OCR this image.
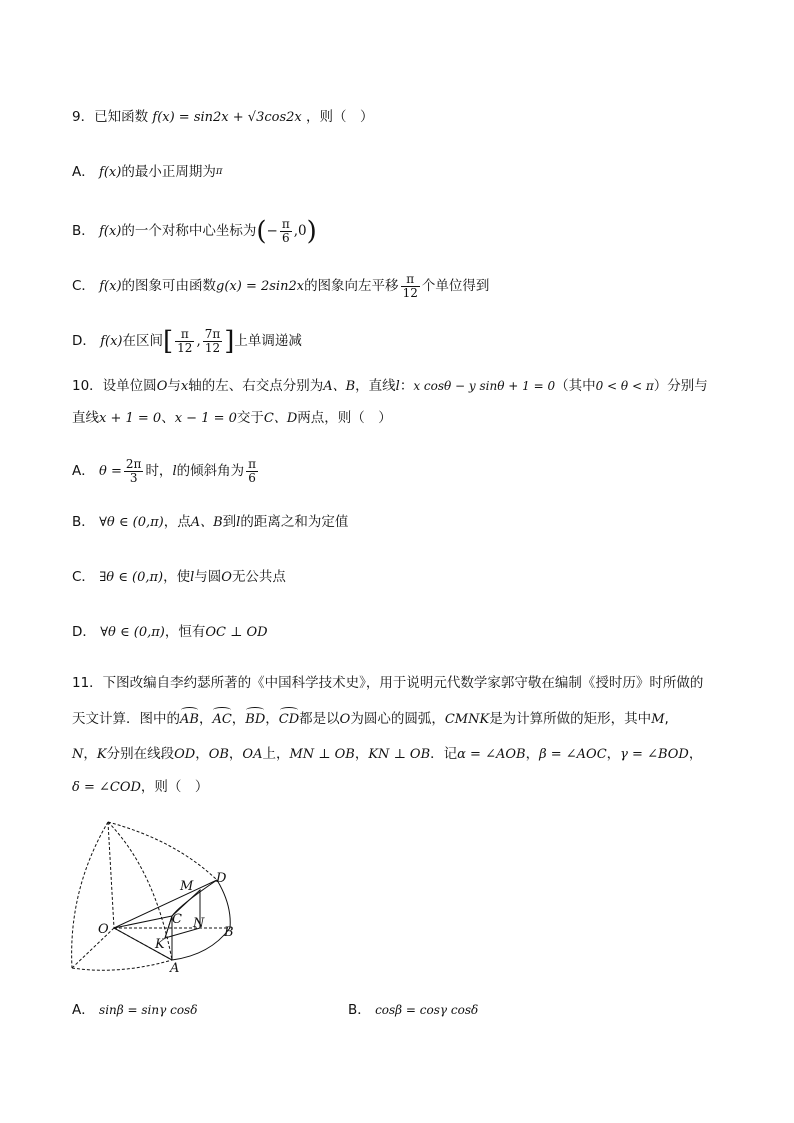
9．已知函数 f(x) = sin2x + √3cos2x ，则（　）
A． f(x)的最小正周期为$^\pi$
B． f(x)的一个对称中心坐标为(− $\frac{\pi}{6} ,0$)
C． f(x)的图象可由函数g(x) = 2sin2x的图象向左平移 $\frac{\pi}{12}$ 个单位得到
D． f(x)在区间[ $\frac{\pi}{12}$ , $\frac{7\pi}{12}$ ]上单调递减
10．设单位圆O与x轴的左、右交点分别为A、B，直线l：x cosθ − y sinθ + 1 = 0（其中0 < θ < π）分别与
直线x + 1 = 0、x − 1 = 0交于C、D两点，则（　）
A． $\theta = \frac{2\pi}{3}$ 时，l的倾斜角为 $\frac{\pi}{6}$
B． ∀θ ∈ (0,π)，点A、B到l的距离之和为定值
C． ∃θ ∈ (0,π)，使l与圆O无公共点
D． ∀θ ∈ (0,π)，恒有OC ⊥ OD
11．下图改编自李约瑟所著的《中国科学技术史》，用于说明元代数学家郭守敬在编制《授时历》时所做的
天文计算．图中的AB，AC，BD，CD都是以O为圆心的圆弧，CMNK是为计算所做的矩形，其中M,
N，K分别在线段OD，OB，OA上，MN ⊥ OB，KN ⊥ OB．记α = ∠AOB，β = ∠AOC，γ = ∠BOD，
δ = ∠COD，则（　）
O
M
D
C N
B
K
A
A． sinβ = sinγ cosδ	B． cosβ = cosγ cosδ
